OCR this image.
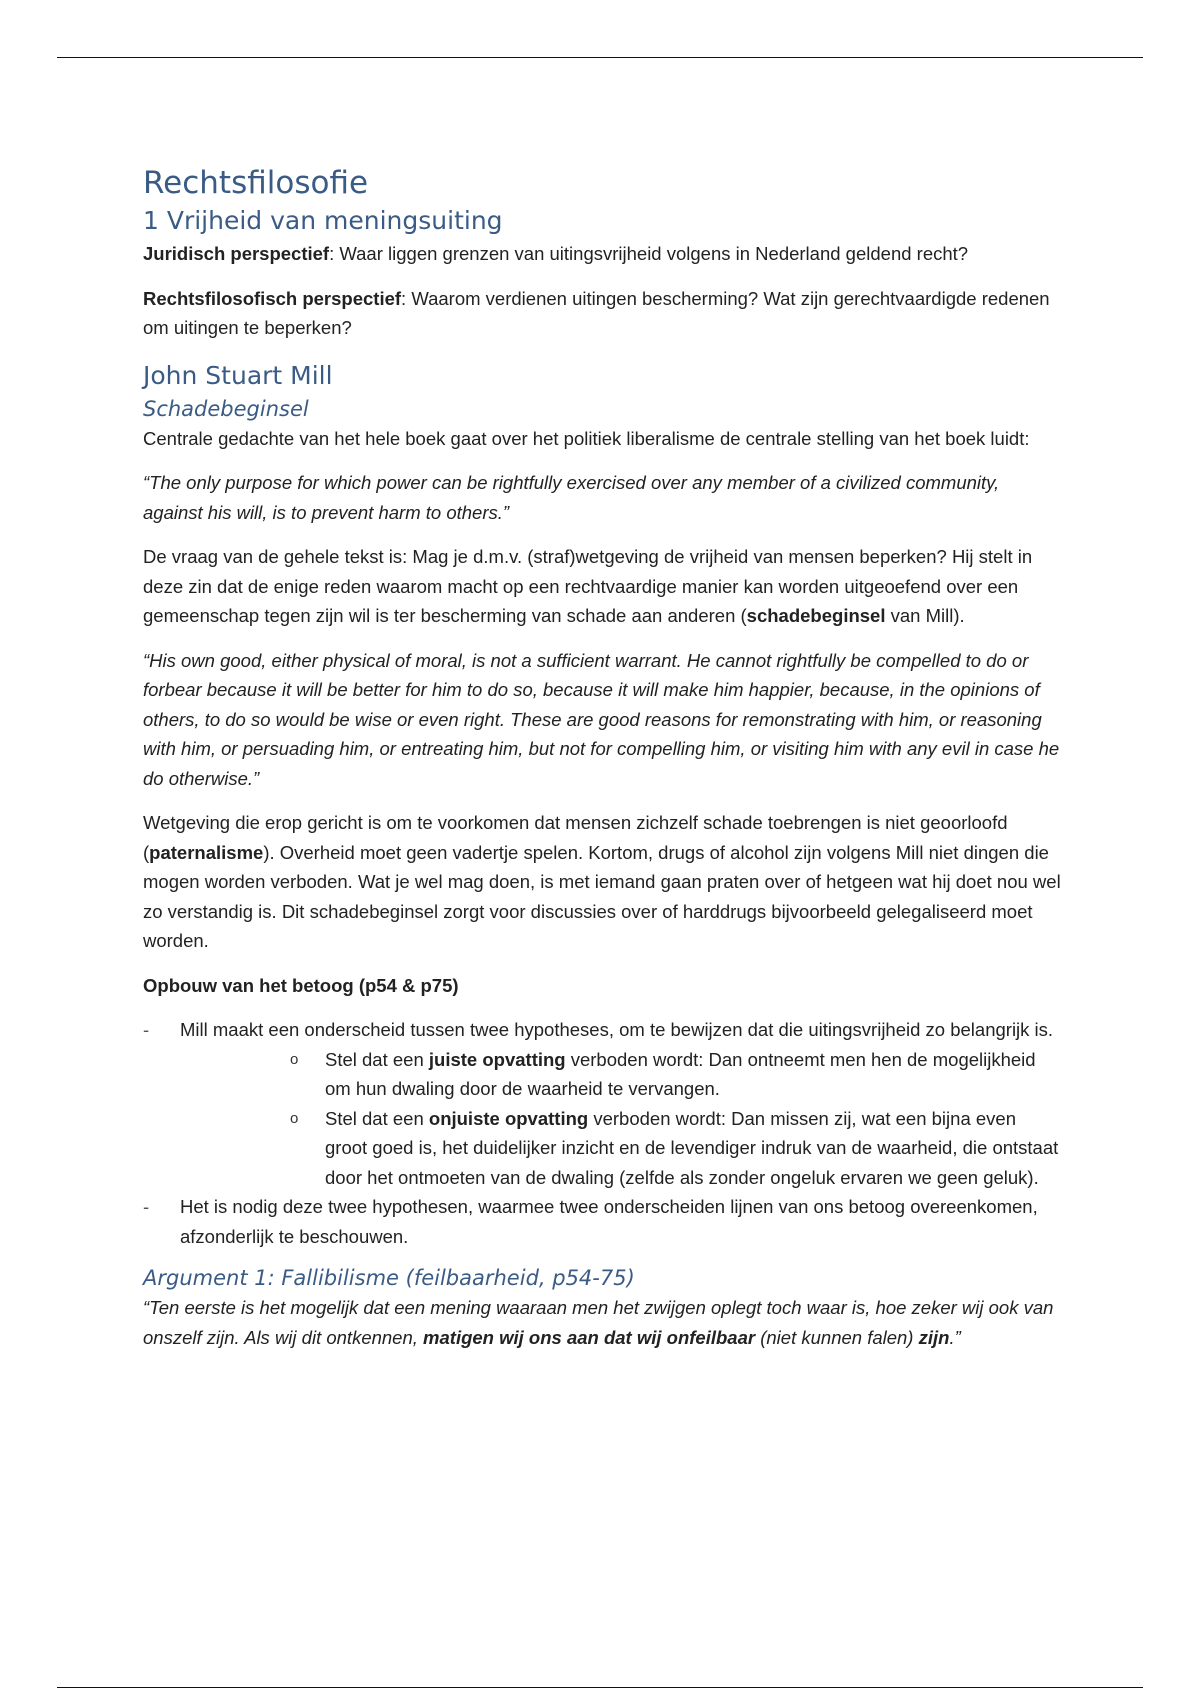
Rechtsfilosofie
1 Vrijheid van meningsuiting

Juridisch perspectief: Waar liggen grenzen van uitingsvrijheid volgens in Nederland geldend recht?

Rechtsfilosofisch perspectief: Waarom verdienen uitingen bescherming? Wat zijn gerechtvaardigde redenen om uitingen te beperken?

John Stuart Mill
Schadebeginsel

Centrale gedachte van het hele boek gaat over het politiek liberalisme de centrale stelling van het boek luidt:

“The only purpose for which power can be rightfully exercised over any member of a civilized community, against his will, is to prevent harm to others.”

De vraag van de gehele tekst is: Mag je d.m.v. (straf)wetgeving de vrijheid van mensen beperken? Hij stelt in deze zin dat de enige reden waarom macht op een rechtvaardige manier kan worden uitgeoefend over een gemeenschap tegen zijn wil is ter bescherming van schade aan anderen (schadebeginsel van Mill).

“His own good, either physical of moral, is not a sufficient warrant. He cannot rightfully be compelled to do or forbear because it will be better for him to do so, because it will make him happier, because, in the opinions of others, to do so would be wise or even right. These are good reasons for remonstrating with him, or reasoning with him, or persuading him, or entreating him, but not for compelling him, or visiting him with any evil in case he do otherwise.”

Wetgeving die erop gericht is om te voorkomen dat mensen zichzelf schade toebrengen is niet geoorloofd (paternalisme). Overheid moet geen vadertje spelen. Kortom, drugs of alcohol zijn volgens Mill niet dingen die mogen worden verboden. Wat je wel mag doen, is met iemand gaan praten over of hetgeen wat hij doet nou wel zo verstandig is. Dit schadebeginsel zorgt voor discussies over of harddrugs bijvoorbeeld gelegaliseerd moet worden.

Opbouw van het betoog (p54 & p75)

- Mill maakt een onderscheid tussen twee hypotheses, om te bewijzen dat die uitingsvrijheid zo belangrijk is.
o Stel dat een juiste opvatting verboden wordt: Dan ontneemt men hen de mogelijkheid om hun dwaling door de waarheid te vervangen.
o Stel dat een onjuiste opvatting verboden wordt: Dan missen zij, wat een bijna even groot goed is, het duidelijker inzicht en de levendiger indruk van de waarheid, die ontstaat door het ontmoeten van de dwaling (zelfde als zonder ongeluk ervaren we geen geluk).
- Het is nodig deze twee hypothesen, waarmee twee onderscheiden lijnen van ons betoog overeenkomen, afzonderlijk te beschouwen.
Argument 1: Fallibilisme (feilbaarheid, p54-75)

“Ten eerste is het mogelijk dat een mening waaraan men het zwijgen oplegt toch waar is, hoe zeker wij ook van onszelf zijn. Als wij dit ontkennen, matigen wij ons aan dat wij onfeilbaar (niet kunnen falen) zijn.”
